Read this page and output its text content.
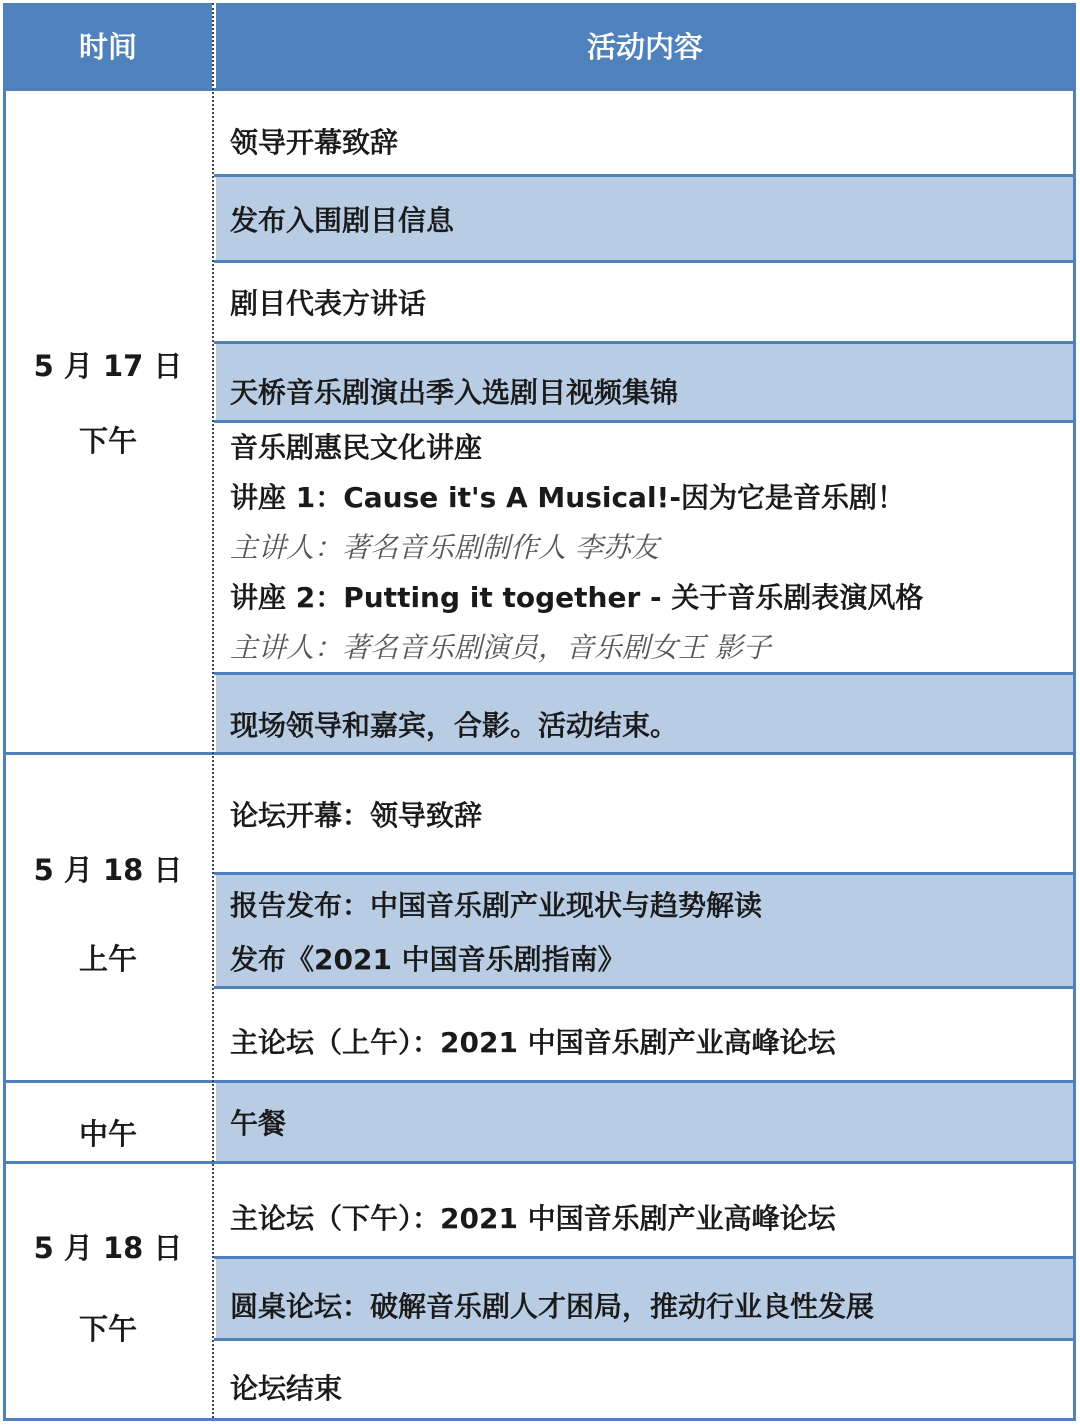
时间	活动内容
5 月 17 日
下午
5 月 18 日
上午
中午
5 月 18 日
下午
领导开幕致辞
发布入围剧目信息
剧目代表方讲话
天桥音乐剧演出季入选剧目视频集锦
音乐剧惠民文化讲座
讲座 1：Cause it's A Musical!-因为它是音乐剧！
主讲人：著名音乐剧制作人 李苏友
讲座 2：Putting it together - 关于音乐剧表演风格
主讲人：著名音乐剧演员，音乐剧女王 影子
现场领导和嘉宾，合影。活动结束。
论坛开幕：领导致辞
报告发布：中国音乐剧产业现状与趋势解读
发布《2021 中国音乐剧指南》
主论坛（上午）：2021 中国音乐剧产业高峰论坛
午餐
主论坛（下午）：2021 中国音乐剧产业高峰论坛
圆桌论坛：破解音乐剧人才困局，推动行业良性发展
论坛结束
